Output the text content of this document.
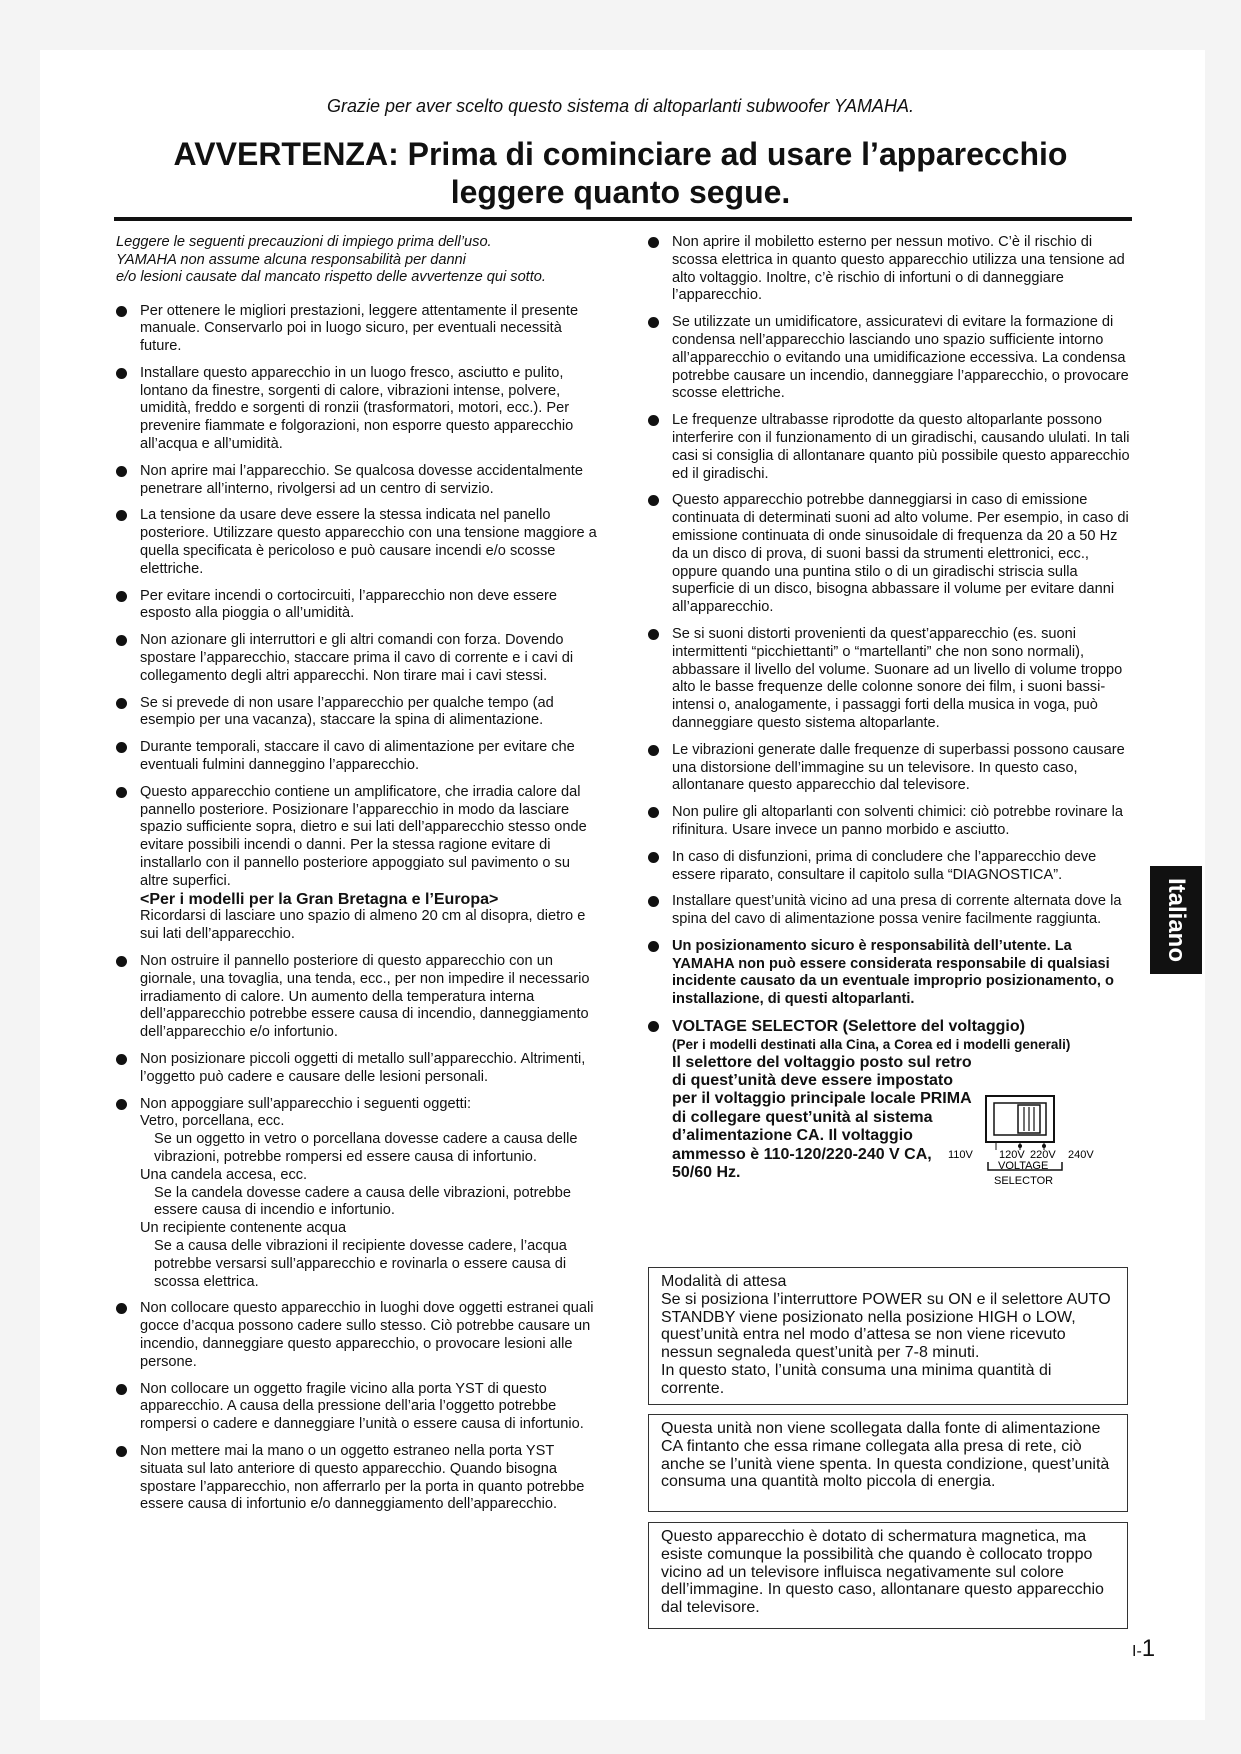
Grazie per aver scelto questo sistema di altoparlanti subwoofer YAMAHA.
AVVERTENZA: Prima di cominciare ad usare l’apparecchio
leggere quanto segue.
Leggere le seguenti precauzioni di impiego prima dell’uso.
YAMAHA non assume alcuna responsabilità per danni
e/o lesioni causate dal mancato rispetto delle avvertenze qui sotto.
Per ottenere le migliori prestazioni, leggere attentamente il presente manuale. Conservarlo poi in luogo sicuro, per eventuali necessità future.
Installare questo apparecchio in un luogo fresco, asciutto e pulito, lontano da finestre, sorgenti di calore, vibrazioni intense, polvere, umidità, freddo e sorgenti di ronzii (trasformatori, motori, ecc.). Per prevenire fiammate e folgorazioni, non esporre questo apparecchio all’acqua e all’umidità.
Non aprire mai l’apparecchio. Se qualcosa dovesse accidentalmente penetrare all’interno, rivolgersi ad un centro di servizio.
La tensione da usare deve essere la stessa indicata nel panello posteriore. Utilizzare questo apparecchio con una tensione maggiore a quella specificata è pericoloso e può causare incendi e/o scosse elettriche.
Per evitare incendi o cortocircuiti, l’apparecchio non deve essere esposto alla pioggia o all’umidità.
Non azionare gli interruttori e gli altri comandi con forza. Dovendo spostare l’apparecchio, staccare prima il cavo di corrente e i cavi di collegamento degli altri apparecchi. Non tirare mai i cavi stessi.
Se si prevede di non usare l’apparecchio per qualche tempo (ad esempio per una vacanza), staccare la spina di alimentazione.
Durante temporali, staccare il cavo di alimentazione per evitare che eventuali fulmini danneggino l’apparecchio.
Questo apparecchio contiene un amplificatore, che irradia calore dal pannello posteriore. Posizionare l’apparecchio in modo da lasciare spazio sufficiente sopra, dietro e sui lati dell’apparecchio stesso onde evitare possibili incendi o danni. Per la stessa ragione evitare di installarlo con il pannello posteriore appoggiato sul pavimento o su altre superfici.
<Per i modelli per la Gran Bretagna e l’Europa>
Ricordarsi di lasciare uno spazio di almeno 20 cm al disopra, dietro e sui lati dell’apparecchio.
Non ostruire il pannello posteriore di questo apparecchio con un giornale, una tovaglia, una tenda, ecc., per non impedire il necessario irradiamento di calore. Un aumento della temperatura interna dell’apparecchio potrebbe essere causa di incendio, danneggiamento dell’apparecchio e/o infortunio.
Non posizionare piccoli oggetti di metallo sull’apparecchio. Altrimenti, l’oggetto può cadere e causare delle lesioni personali.
Non appoggiare sull’apparecchio i seguenti oggetti:
Vetro, porcellana, ecc.
Se un oggetto in vetro o porcellana dovesse cadere a causa delle vibrazioni, potrebbe rompersi ed essere causa di infortunio.
Una candela accesa, ecc.
Se la candela dovesse cadere a causa delle vibrazioni, potrebbe essere causa di incendio e infortunio.
Un recipiente contenente acqua
Se a causa delle vibrazioni il recipiente dovesse cadere, l’acqua potrebbe versarsi sull’apparecchio e rovinarla o essere causa di scossa elettrica.
Non collocare questo apparecchio in luoghi dove oggetti estranei quali gocce d’acqua possono cadere sullo stesso. Ciò potrebbe causare un incendio, danneggiare questo apparecchio, o provocare lesioni alle persone.
Non collocare un oggetto fragile vicino alla porta YST di questo apparecchio. A causa della pressione dell’aria l’oggetto potrebbe rompersi o cadere e danneggiare l’unità o essere causa di infortunio.
Non mettere mai la mano o un oggetto estraneo nella porta YST situata sul lato anteriore di questo apparecchio. Quando bisogna spostare l’apparecchio, non afferrarlo per la porta in quanto potrebbe essere causa di infortunio e/o danneggiamento dell’apparecchio.
Non aprire il mobiletto esterno per nessun motivo. C’è il rischio di scossa elettrica in quanto questo apparecchio utilizza una tensione ad alto voltaggio. Inoltre, c’è rischio di infortuni o di danneggiare l’apparecchio.
Se utilizzate un umidificatore, assicuratevi di evitare la formazione di condensa nell’apparecchio lasciando uno spazio sufficiente intorno all’apparecchio o evitando una umidificazione eccessiva. La condensa potrebbe causare un incendio, danneggiare l’apparecchio, o provocare scosse elettriche.
Le frequenze ultrabasse riprodotte da questo altoparlante possono interferire con il funzionamento di un giradischi, causando ululati. In tali casi si consiglia di allontanare quanto più possibile questo apparecchio ed il giradischi.
Questo apparecchio potrebbe danneggiarsi in caso di emissione continuata di determinati suoni ad alto volume. Per esempio, in caso di emissione continuata di onde sinusoidale di frequenza da 20 a 50 Hz da un disco di prova, di suoni bassi da strumenti elettronici, ecc., oppure quando una puntina stilo o di un giradischi striscia sulla superficie di un disco, bisogna abbassare il volume per evitare danni all’apparecchio.
Se si suoni distorti provenienti da quest’apparecchio (es. suoni intermittenti “picchiettanti” o “martellanti” che non sono normali), abbassare il livello del volume. Suonare ad un livello di volume troppo alto le basse frequenze delle colonne sonore dei film, i suoni bassi-intensi o, analogamente, i passaggi forti della musica in voga, può danneggiare questo sistema altoparlante.
Le vibrazioni generate dalle frequenze di superbassi possono causare una distorsione dell’immagine su un televisore. In questo caso, allontanare questo apparecchio dal televisore.
Non pulire gli altoparlanti con solventi chimici: ciò potrebbe rovinare la rifinitura. Usare invece un panno morbido e asciutto.
In caso di disfunzioni, prima di concludere che l’apparecchio deve essere riparato, consultare il capitolo sulla “DIAGNOSTICA”.
Installare quest’unità vicino ad una presa di corrente alternata dove la spina del cavo di alimentazione possa venire facilmente raggiunta.
Un posizionamento sicuro è responsabilità dell’utente. La YAMAHA non può essere considerata responsabile di qualsiasi incidente causato da un eventuale improprio posizionamento, o installazione, di questi altoparlanti.
VOLTAGE SELECTOR (Selettore del voltaggio)
(Per i modelli destinati alla Cina, a Corea ed i modelli generali)
Il selettore del voltaggio posto sul retro di quest’unità deve essere impostato per il voltaggio principale locale PRIMA di collegare quest’unità al sistema d’alimentazione CA. Il voltaggio ammesso è 110-120/220-240 V CA, 50/60 Hz.
110V 120V 220V 240V
VOLTAGE
SELECTOR
Modalità di attesa
Se si posiziona l’interruttore POWER su ON e il selettore AUTO STANDBY viene posizionato nella posizione HIGH o LOW, quest’unità entra nel modo d’attesa se non viene ricevuto nessun segnaleda quest’unità per 7-8 minuti.
In questo stato, l’unità consuma una minima quantità di corrente.
Questa unità non viene scollegata dalla fonte di alimentazione CA fintanto che essa rimane collegata alla presa di rete, ciò anche se l’unità viene spenta. In questa condizione, quest’unità consuma una quantità molto piccola di energia.
Questo apparecchio è dotato di schermatura magnetica, ma esiste comunque la possibilità che quando è collocato troppo vicino ad un televisore influisca negativamente sul colore dell’immagine. In questo caso, allontanare questo apparecchio dal televisore.
Italiano
I-1
